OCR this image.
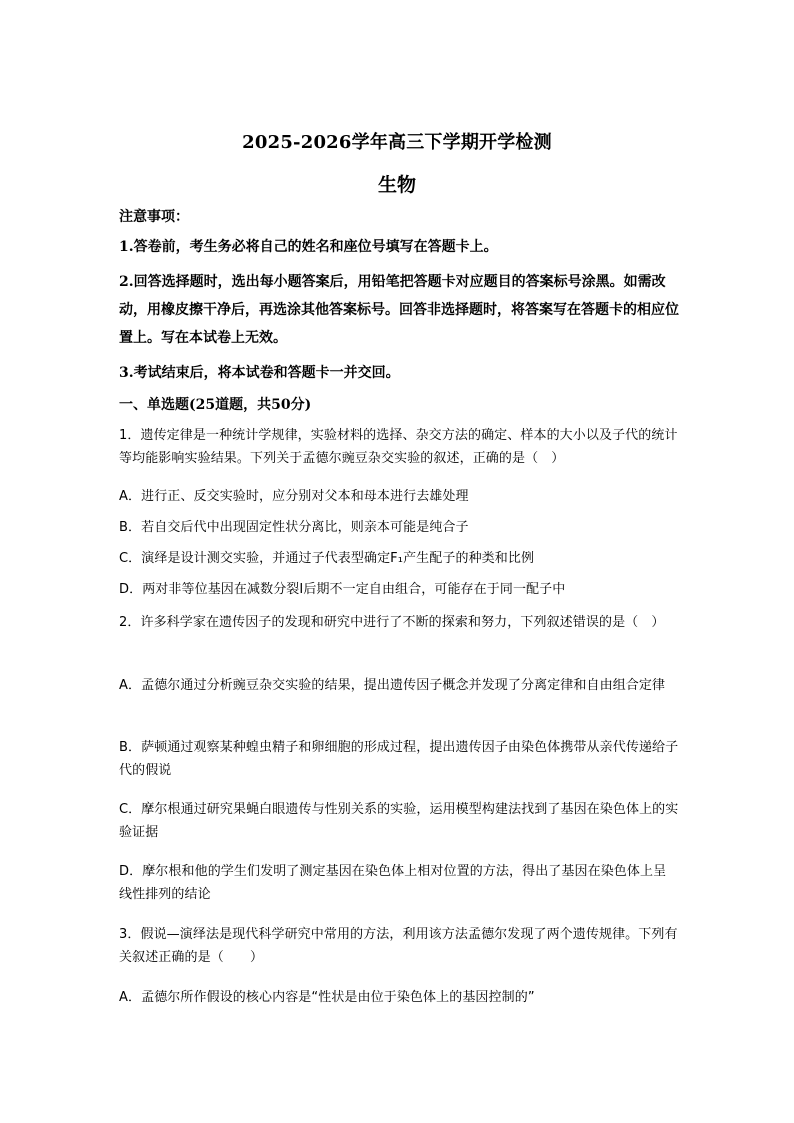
2025-2026学年高三下学期开学检测
生物
注意事项：
1.答卷前，考生务必将自己的姓名和座位号填写在答题卡上。
2.回答选择题时，选出每小题答案后，用铅笔把答题卡对应题目的答案标号涂黑。如需改动，用橡皮擦干净后，再选涂其他答案标号。回答非选择题时，将答案写在答题卡的相应位置上。写在本试卷上无效。
3.考试结束后，将本试卷和答题卡一并交回。
一、单选题(25道题，共50分)
1．遗传定律是一种统计学规律，实验材料的选择、杂交方法的确定、样本的大小以及子代的统计等均能影响实验结果。下列关于孟德尔豌豆杂交实验的叙述，正确的是（　）
A．进行正、反交实验时，应分别对父本和母本进行去雄处理
B．若自交后代中出现固定性状分离比，则亲本可能是纯合子
C．演绎是设计测交实验，并通过子代表型确定F₁产生配子的种类和比例
D．两对非等位基因在减数分裂Ⅰ后期不一定自由组合，可能存在于同一配子中
2．许多科学家在遗传因子的发现和研究中进行了不断的探索和努力，下列叙述错误的是（　）
A．孟德尔通过分析豌豆杂交实验的结果，提出遗传因子概念并发现了分离定律和自由组合定律
B．萨顿通过观察某种蝗虫精子和卵细胞的形成过程，提出遗传因子由染色体携带从亲代传递给子代的假说
C．摩尔根通过研究果蝇白眼遗传与性别关系的实验，运用模型构建法找到了基因在染色体上的实验证据
D．摩尔根和他的学生们发明了测定基因在染色体上相对位置的方法，得出了基因在染色体上呈线性排列的结论
3．假说—演绎法是现代科学研究中常用的方法，利用该方法孟德尔发现了两个遗传规律。下列有关叙述正确的是（　　）
A．孟德尔所作假设的核心内容是“性状是由位于染色体上的基因控制的”
